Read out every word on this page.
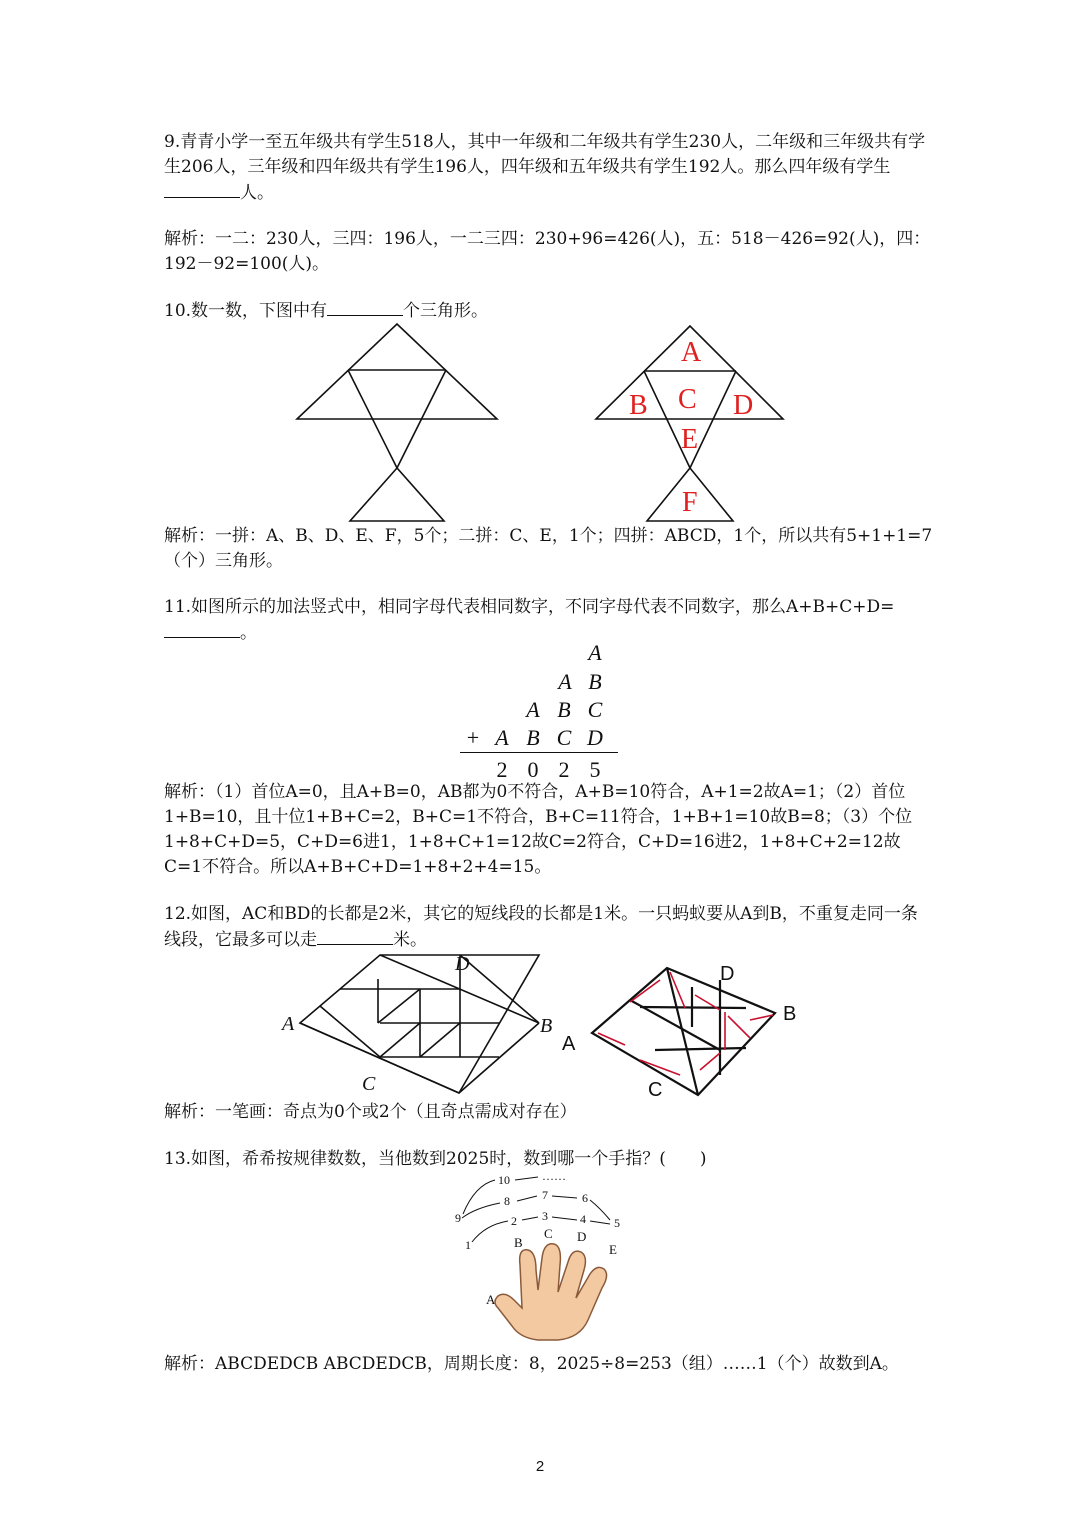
9.青青小学一至五年级共有学生518人，其中一年级和二年级共有学生230人，二年级和三年级共有学生206人，三年级和四年级共有学生196人，四年级和五年级共有学生192人。那么四年级有学生人。

解析：一二：230人，三四：196人，一二三四：230+96=426(人)，五：518－426=92(人)，四：192－92=100(人)。

10.数一数，下图中有	个三角形。

A
B C D
E
F

解析：一拼：A、B、D、E、F，5个；二拼：C、E，1个；四拼：ABCD，1个，所以共有5+1+1=7（个）三角形。

11.如图所示的加法竖式中，相同字母代表相同数字，不同字母代表不同数字，那么A+B+C+D=。

A
A B
A B C
+ A B C D
2 0 2 5

解析：（1）首位A=0，且A+B=0，AB都为0不符合，A+B=10符合，A+1=2故A=1；（2）首位1+B=10，且十位1+B+C=2，B+C=1不符合，B+C=11符合，1+B+1=10故B=8；（3）个位1+8+C+D=5，C+D=6进1，1+8+C+1=12故C=2符合，C+D=16进2，1+8+C+2=12故C=1不符合。所以A+B+C+D=1+8+2+4=15。

12.如图，AC和BD的长都是2米，其它的短线段的长都是1米。一只蚂蚁要从A到B，不重复走同一条线段，它最多可以走	米。

A
D
B
C
A
D
B
C

解析：一笔画：奇点为0个或2个（且奇点需成对存在）

13.如图，希希按规律数数，当他数到2025时，数到哪一个手指？(　　)

1
2 3	4 5
6
7
8
9
10	……
B
C D
E
A

解析：ABCDEDCB ABCDEDCB，周期长度：8，2025÷8=253（组）……1（个）故数到A。

2
